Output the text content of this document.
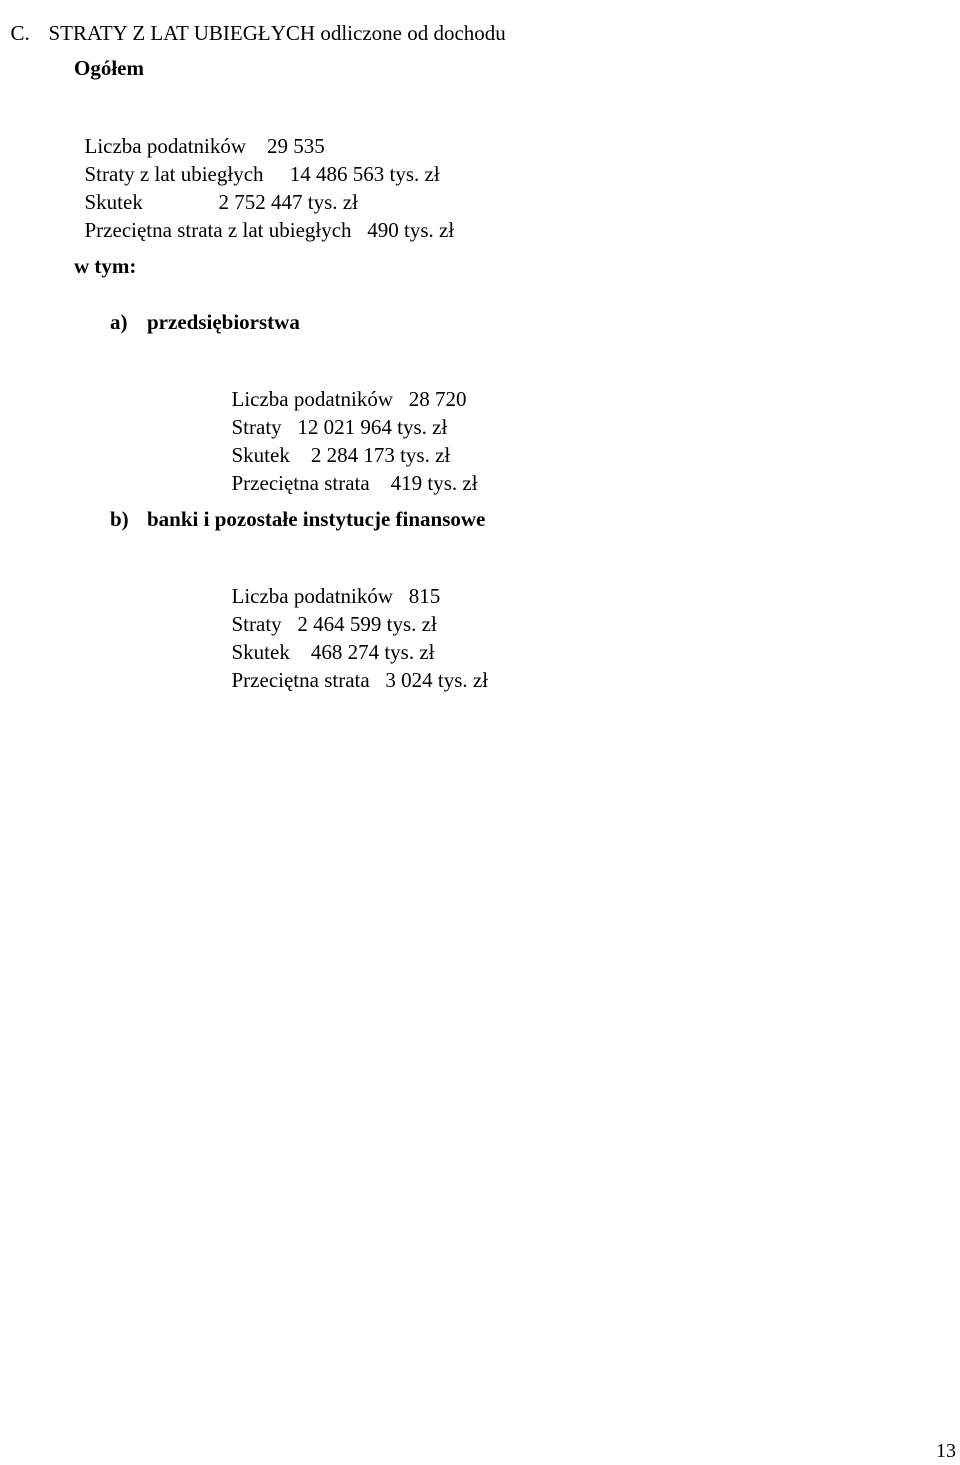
C. STRATY Z LAT UBIEGŁYCH odliczone od dochodu

Ogółem

Liczba podatników 29 535

Straty z lat ubiegłych 14 486 563 tys. zł

Skutek	2 752 447 tys. zł

Przeciętna strata z lat ubiegłych 490 tys. zł

w tym:
a) przedsiębiorstwa

Liczba podatników 28 720

Straty 12 021 964 tys. zł

Skutek 2 284 173 tys. zł

Przeciętna strata 419 tys. zł

b) banki i pozostałe instytucje finansowe

Liczba podatników 815

Straty 2 464 599 tys. zł

Skutek 468 274 tys. zł

Przeciętna strata 3 024 tys. zł

13
